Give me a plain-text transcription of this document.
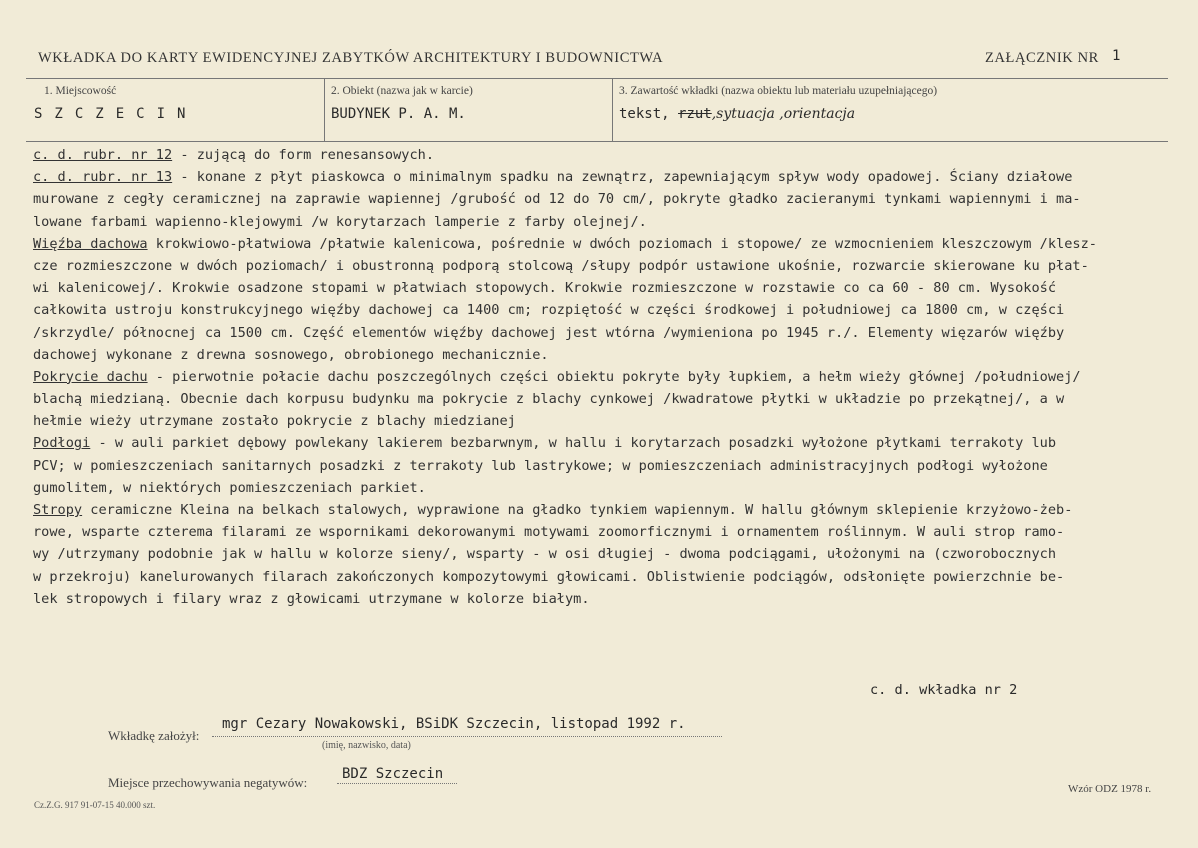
WKŁADKA DO KARTY EWIDENCYJNEJ ZABYTKÓW ARCHITEKTURY I BUDOWNICTWA	ZAŁĄCZNIK NR 1
1. Miejscowość
SZCZECIN
2. Obiekt (nazwa jak w karcie)
BUDYNEK P. A. M.
3. Zawartość wkładki (nazwa obiektu lub materiału uzupełniającego)
tekst, rzut,sytuacja ,orientacja
c. d. rubr. nr 12 - zującą do form renesansowych.
c. d. rubr. nr 13 - konane z płyt piaskowca o minimalnym spadku na zewnątrz, zapewniającym spływ wody opadowej. Ściany działowe
murowane z cegły ceramicznej na zaprawie wapiennej /grubość od 12 do 70 cm/, pokryte gładko zacieranymi tynkami wapiennymi i ma-
lowane farbami wapienno-klejowymi /w korytarzach lamperie z farby olejnej/.
Więźba dachowa krokwiowo-płatwiowa /płatwie kalenicowa, pośrednie w dwóch poziomach i stopowe/ ze wzmocnieniem kleszczowym /klesz-
cze rozmieszczone w dwóch poziomach/ i obustronną podporą stolcową /słupy podpór ustawione ukośnie, rozwarcie skierowane ku płat-
wi kalenicowej/. Krokwie osadzone stopami w płatwiach stopowych. Krokwie rozmieszczone w rozstawie co ca 60 - 80 cm. Wysokość
całkowita ustroju konstrukcyjnego więźby dachowej ca 1400 cm; rozpiętość w części środkowej i południowej ca 1800 cm, w części
/skrzydle/ północnej ca 1500 cm. Część elementów więźby dachowej jest wtórna /wymieniona po 1945 r./. Elementy więzarów więźby
dachowej wykonane z drewna sosnowego, obrobionego mechanicznie.
Pokrycie dachu - pierwotnie połacie dachu poszczególnych części obiektu pokryte były łupkiem, a hełm wieży głównej /południowej/
blachą miedzianą. Obecnie dach korpusu budynku ma pokrycie z blachy cynkowej /kwadratowe płytki w układzie po przekątnej/, a w
hełmie wieży utrzymane zostało pokrycie z blachy miedzianej
Podłogi - w auli parkiet dębowy powlekany lakierem bezbarwnym, w hallu i korytarzach posadzki wyłożone płytkami terrakoty lub
PCV; w pomieszczeniach sanitarnych posadzki z terrakoty lub lastrykowe; w pomieszczeniach administracyjnych podłogi wyłożone
gumolitem, w niektórych pomieszczeniach parkiet.
Stropy ceramiczne Kleina na belkach stalowych, wyprawione na gładko tynkiem wapiennym. W hallu głównym sklepienie krzyżowo-żeb-
rowe, wsparte czterema filarami ze wspornikami dekorowanymi motywami zoomorficznymi i ornamentem roślinnym. W auli strop ramo-
wy /utrzymany podobnie jak w hallu w kolorze sieny/, wsparty - w osi długiej - dwoma podciągami, ułożonymi na (czworobocznych
w przekroju) kanelurowanych filarach zakończonych kompozytowymi głowicami. Oblistwienie podciągów, odsłonięte powierzchnie be-
lek stropowych i filary wraz z głowicami utrzymane w kolorze białym.
c. d. wkładka nr 2
Wkładkę założył:
mgr Cezary Nowakowski, BSiDK Szczecin, listopad 1992 r.
(imię, nazwisko, data)
Miejsce przechowywania negatywów:
BDZ Szczecin
Cz.Z.G. 917 91-07-15 40.000 szt.
Wzór ODZ 1978 r.
